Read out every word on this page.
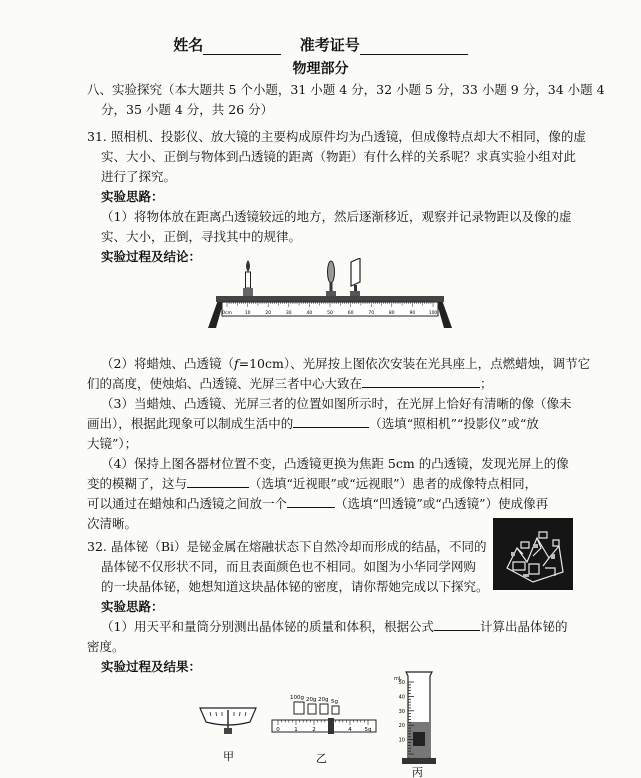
姓名	准考证号
物理部分
八、实验探究（本大题共 5 个小题，31 小题 4 分，32 小题 5 分，33 小题 9 分，34 小题 4
分，35 小题 4 分，共 26 分）
31. 照相机、投影仪、放大镜的主要构成原件均为凸透镜，但成像特点却大不相同，像的虚
实、大小、正倒与物体到凸透镜的距离（物距）有什么样的关系呢？求真实验小组对此
进行了探究。
实验思路：
（1）将物体放在距离凸透镜较远的地方，然后逐渐移近，观察并记录物距以及像的虚
实、大小，正倒，寻找其中的规律。
实验过程及结论：
0cm	10	20	30	40	50	60	70	80	90	100
（2）将蜡烛、凸透镜（f=10cm）、光屏按上图依次安装在光具座上，点燃蜡烛，调节它
们的高度，使烛焰、凸透镜、光屏三者中心大致在	；
（3）当蜡烛、凸透镜、光屏三者的位置如图所示时，在光屏上恰好有清晰的像（像未
画出），根据此现象可以制成生活中的	（选填“照相机”“投影仪”或“放
大镜”）；
（4）保持上图各器材位置不变，凸透镜更换为焦距 5cm 的凸透镜，发现光屏上的像
变的模糊了，这与	（选填“近视眼”或“远视眼”）患者的成像特点相同，
可以通过在蜡烛和凸透镜之间放一个	（选填“凹透镜”或“凸透镜”）使成像再
次清晰。
32. 晶体铋（Bi）是铋金属在熔融状态下自然冷却而形成的结晶，不同的
晶体铋不仅形状不同，而且表面颜色也不相同。如图为小华同学网购
的一块晶体铋，她想知道这块晶体铋的密度，请你帮她完成以下探究。
实验思路：
（1）用天平和量筒分别测出晶体铋的质量和体积，根据公式	计算出晶体铋的
密度。
实验过程及结果：
甲
100g 20g 20g 5g
0	1	2	4 5g
乙
50
40
30
20
10
mL
丙
